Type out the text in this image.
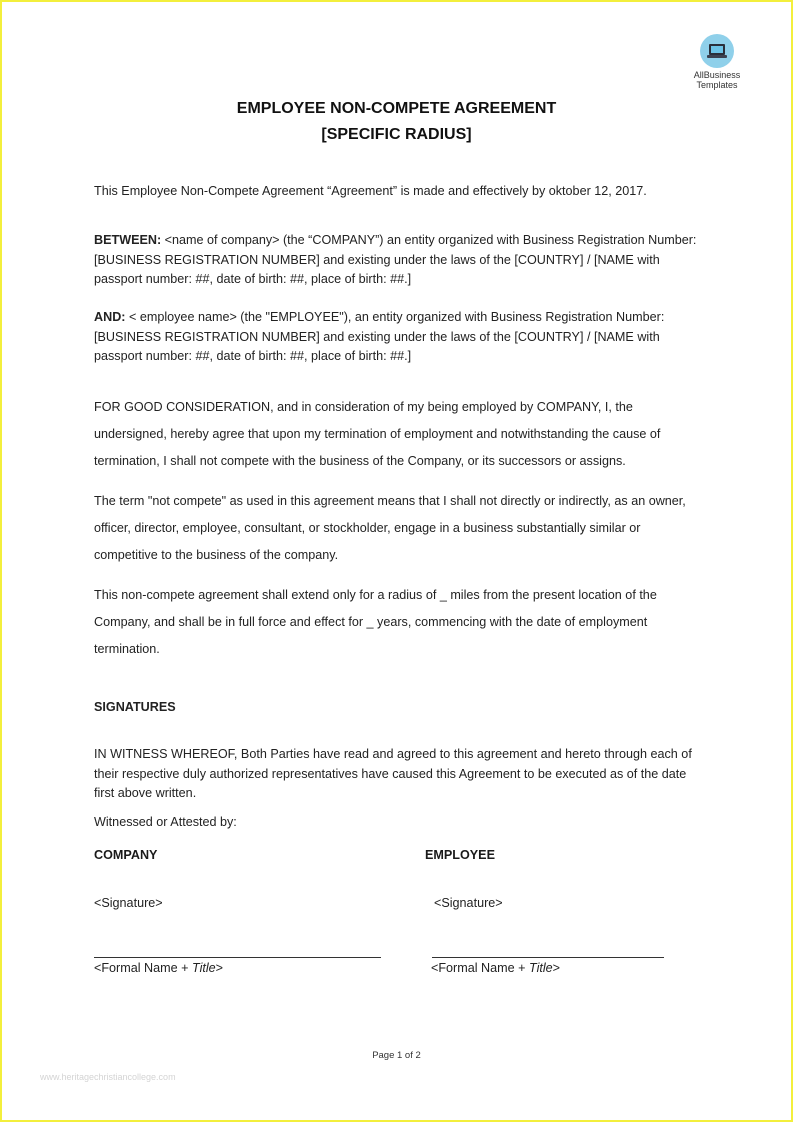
AllBusiness
Templates
EMPLOYEE NON-COMPETE AGREEMENT
[SPECIFIC RADIUS]
This Employee Non-Compete Agreement “Agreement” is made and effectively by oktober 12, 2017.
BETWEEN: <name of company> (the “COMPANY”) an entity organized with Business Registration Number: [BUSINESS REGISTRATION NUMBER] and existing under the laws of the [COUNTRY] / [NAME with passport number: ##, date of birth: ##, place of birth: ##.]
AND: < employee name> (the "EMPLOYEE"), an entity organized with Business Registration Number: [BUSINESS REGISTRATION NUMBER] and existing under the laws of the [COUNTRY] / [NAME with passport number: ##, date of birth: ##, place of birth: ##.]
FOR GOOD CONSIDERATION, and in consideration of my being employed by COMPANY, I, the undersigned, hereby agree that upon my termination of employment and notwithstanding the cause of termination, I shall not compete with the business of the Company, or its successors or assigns.
The term "not compete" as used in this agreement means that I shall not directly or indirectly, as an owner, officer, director, employee, consultant, or stockholder, engage in a business substantially similar or competitive to the business of the company.
This non-compete agreement shall extend only for a radius of _ miles from the present location of the Company, and shall be in full force and effect for _ years, commencing with the date of employment termination.
SIGNATURES
IN WITNESS WHEREOF, Both Parties have read and agreed to this agreement and hereto through each of their respective duly authorized representatives have caused this Agreement to be executed as of the date first above written.
Witnessed or Attested by:
COMPANY	EMPLOYEE
<Signature>	<Signature>
<Formal Name + Title>	<Formal Name + Title>
Page 1 of 2
www.heritagechristiancollege.com
